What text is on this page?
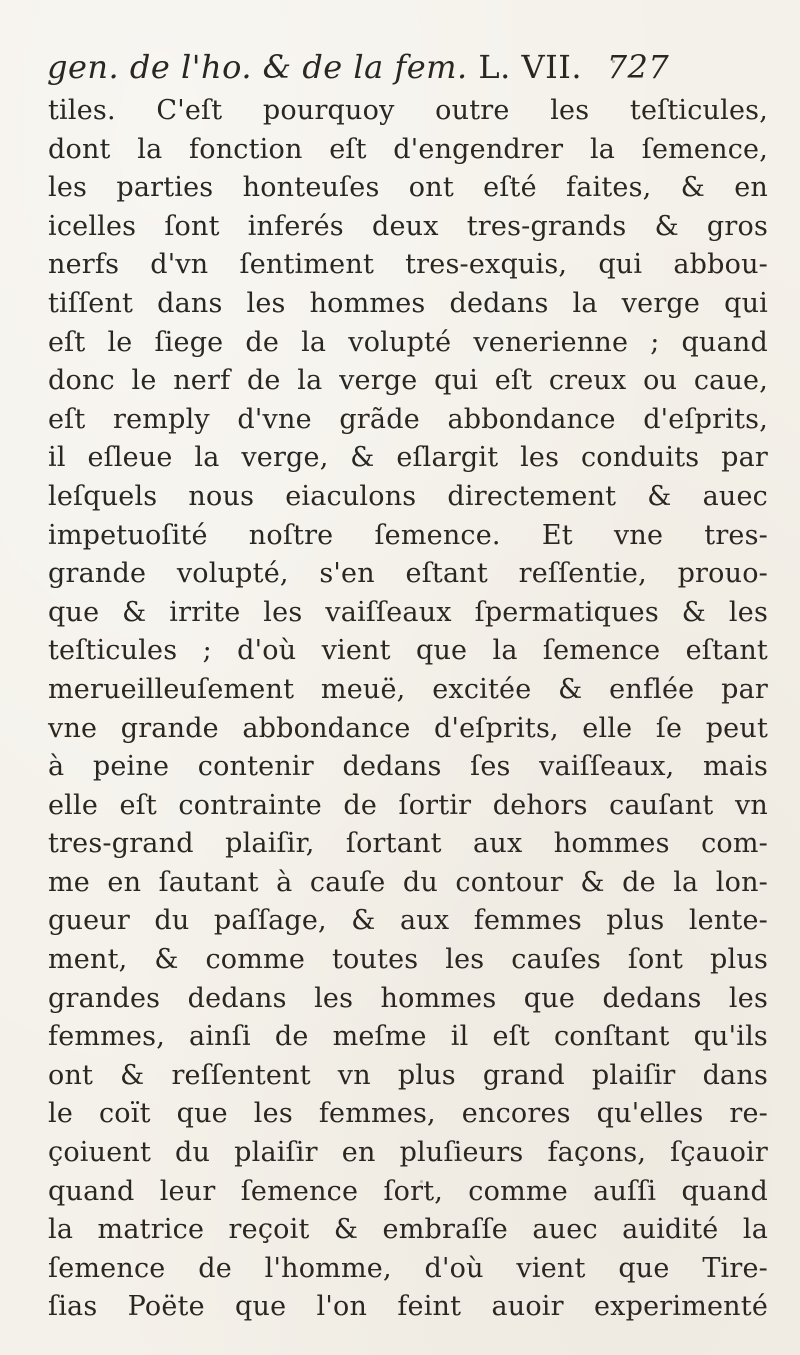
gen. de l'ho. & de la fem. L. VII. 727
tiles. C'eſt pourquoy outre les teſticules,
dont la fonction eſt d'engendrer la ſemence,
les parties honteuſes ont eſté faites, & en
icelles ſont inferés deux tres-grands & gros
nerfs d'vn ſentiment tres-exquis, qui abbou-
tiſſent dans les hommes dedans la verge qui
eſt le ſiege de la volupté venerienne ; quand
donc le nerf de la verge qui eſt creux ou caue,
eſt remply d'vne grãde abbondance d'eſprits,
il eſleue la verge, & eſlargit les conduits par
leſquels nous eiaculons directement & auec
impetuoſité noſtre ſemence. Et vne tres-
grande volupté, s'en eſtant reſſentie, prouo-
que & irrite les vaiſſeaux ſpermatiques & les
teſticules ; d'où vient que la ſemence eſtant
merueilleuſement meuë, excitée & enflée par
vne grande abbondance d'eſprits, elle ſe peut
à peine contenir dedans ſes vaiſſeaux, mais
elle eſt contrainte de ſortir dehors cauſant vn
tres-grand plaiſir, ſortant aux hommes com-
me en ſautant à cauſe du contour & de la lon-
gueur du paſſage, & aux femmes plus lente-
ment, & comme toutes les cauſes ſont plus
grandes dedans les hommes que dedans les
femmes, ainſi de meſme il eſt conſtant qu'ils
ont & reſſentent vn plus grand plaiſir dans
le coït que les femmes, encores qu'elles re-
çoiuent du plaiſir en pluſieurs façons, ſçauoir
quand leur ſemence ſort, comme auſſi quand
la matrice reçoit & embraſſe auec auidité la
ſemence de l'homme, d'où vient que Tire-
ſias Poëte que l'on feint auoir experimenté
